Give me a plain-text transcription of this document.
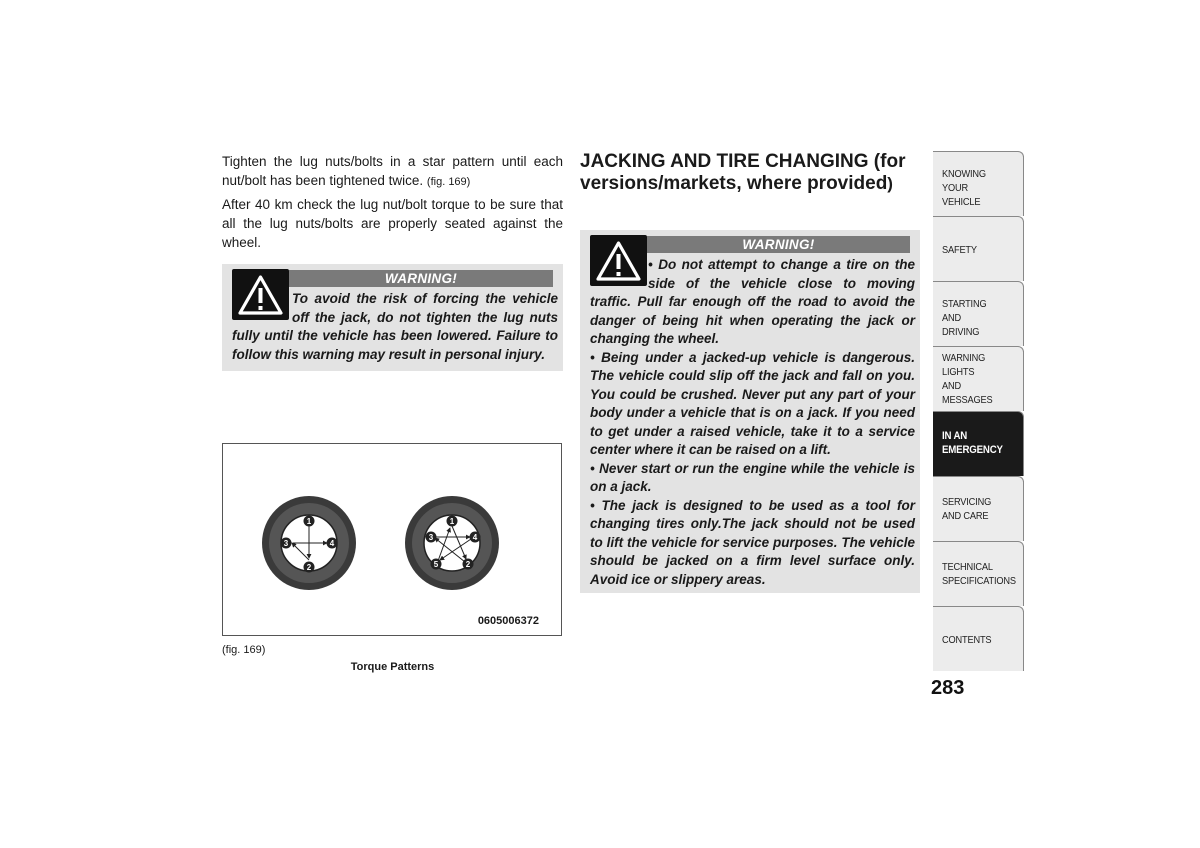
Tighten the lug nuts/bolts in a star pattern until each nut/bolt has been tightened twice. (fig. 169)

After 40 km check the lug nut/bolt torque to be sure that all the lug nuts/bolts are properly seated against the wheel.

WARNING!
To avoid the risk of forcing the vehicle off the jack, do not tighten the lug nuts fully until the vehicle has been lowered. Failure to follow this warning may result in personal injury.
1
2
3	4
1
2
3	4
5
0605006372
(fig. 169)
Torque Patterns
JACKING AND TIRE CHANGING (for versions/markets, where provided)
WARNING!

• Do not attempt to change a tire on the side of the vehicle close to moving traffic. Pull far enough off the road to avoid the danger of being hit when operating the jack or changing the wheel.

• Being under a jacked-up vehicle is dangerous. The vehicle could slip off the jack and fall on you. You could be crushed. Never put any part of your body under a vehicle that is on a jack. If you need to get under a raised vehicle, take it to a service center where it can be raised on a lift.

• Never start or run the engine while the vehicle is on a jack.

• The jack is designed to be used as a tool for changing tires only.The jack should not be used to lift the vehicle for service purposes. The vehicle should be jacked on a firm level surface only. Avoid ice or slippery areas.

KNOWING
YOUR
VEHICLE
SAFETY
STARTING
AND
DRIVING
WARNING
LIGHTS
AND
MESSAGES
IN AN
EMERGENCY
SERVICING
AND CARE
TECHNICAL
SPECIFICATIONS
CONTENTS
283
